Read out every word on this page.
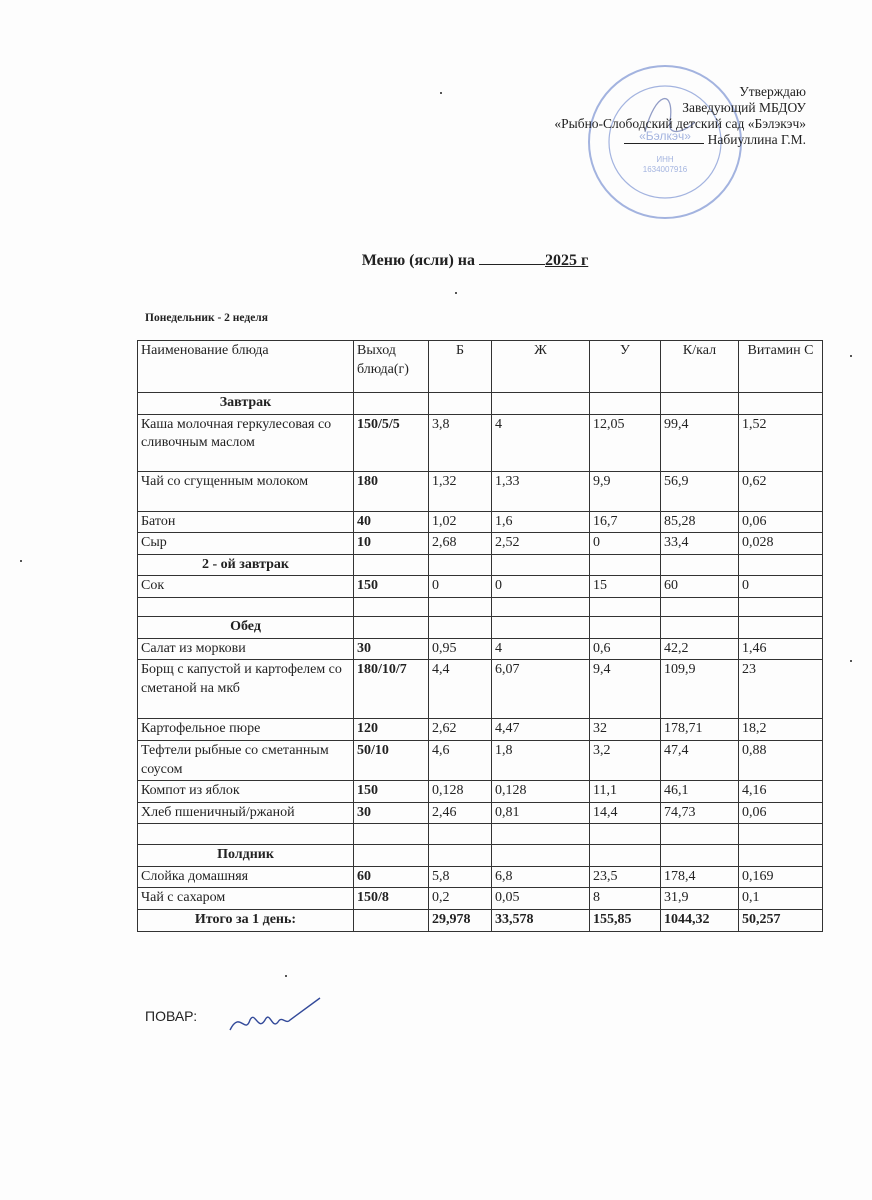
«Бэлкэч»
ИНН
1634007916
Утверждаю
Заведующий МБДОУ
«Рыбно-Слободский детский сад «Бэлэкэч»
Набиуллина Г.М.
Меню (ясли) на	2025 г
Понедельник - 2 неделя
Наименование блюда	Выход блюда(г)	Б	Ж	У	К/кал	Витамин С
Завтрак						
Каша молочная геркулесовая со сливочным маслом	150/5/5	3,8	4	12,05	99,4	1,52
Чай со сгущенным молоком	180	1,32	1,33	9,9	56,9	0,62
Батон	40	1,02	1,6	16,7	85,28	0,06
Сыр	10	2,68	2,52	0	33,4	0,028
2 - ой завтрак						
Сок	150	0	0	15	60	0

Обед						
Салат из моркови	30	0,95	4	0,6	42,2	1,46
Борщ с капустой и картофелем со сметаной на мкб	180/10/7	4,4	6,07	9,4	109,9	23
Картофельное пюре	120	2,62	4,47	32	178,71	18,2
Тефтели рыбные со сметанным соусом	50/10	4,6	1,8	3,2	47,4	0,88
Компот из яблок	150	0,128	0,128	11,1	46,1	4,16
Хлеб пшеничный/ржаной	30	2,46	0,81	14,4	74,73	0,06

Полдник						
Слойка домашняя	60	5,8	6,8	23,5	178,4	0,169
Чай с сахаром	150/8	0,2	0,05	8	31,9	0,1
Итого за 1 день:		29,978	33,578	155,85	1044,32	50,257
ПОВАР:
